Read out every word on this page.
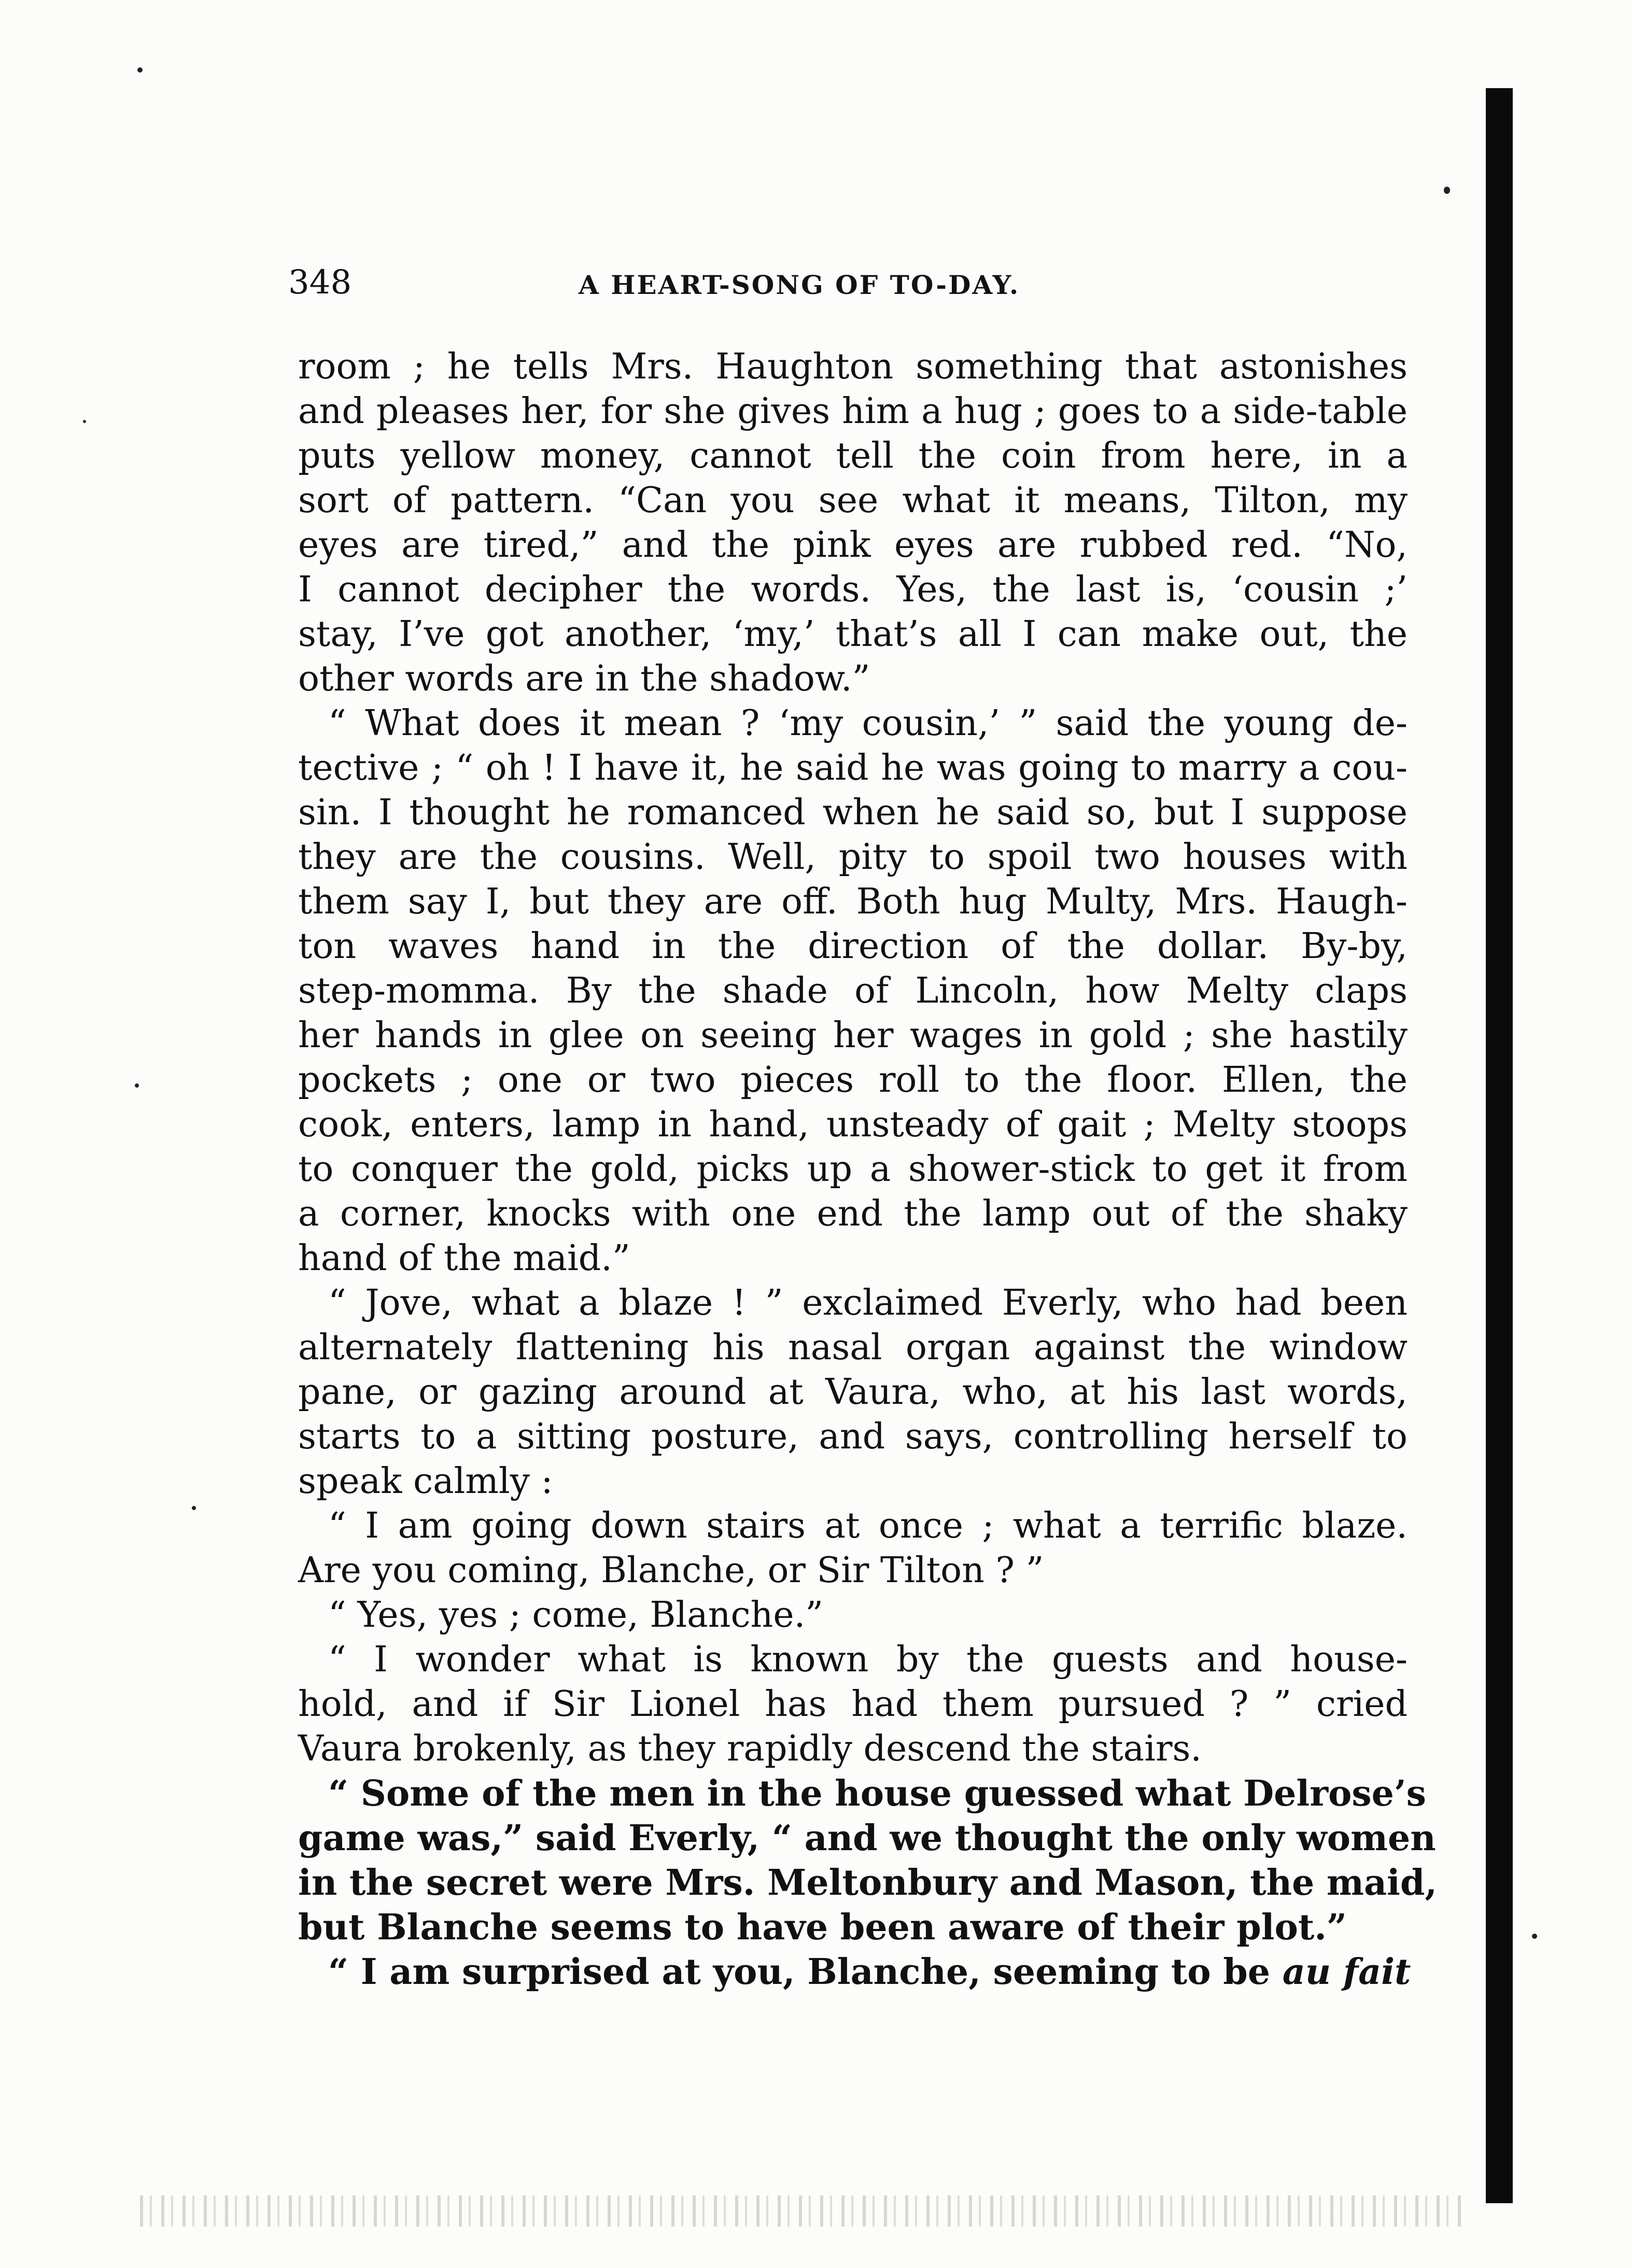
348	A HEART-SONG OF TO-DAY.
room ; he tells Mrs. Haughton something that astonishes
and pleases her, for she gives him a hug ; goes to a side-table
puts yellow money, cannot tell the coin from here, in a
sort of pattern. “Can you see what it means, Tilton, my
eyes are tired,” and the pink eyes are rubbed red. “No,
I cannot decipher the words. Yes, the last is, ‘cousin ;’
stay, I’ve got another, ‘my,’ that’s all I can make out, the
other words are in the shadow.”
“ What does it mean ? ‘my cousin,’ ” said the young de-
tective ; “ oh ! I have it, he said he was going to marry a cou-
sin. I thought he romanced when he said so, but I suppose
they are the cousins. Well, pity to spoil two houses with
them say I, but they are off. Both hug Multy, Mrs. Haugh-
ton waves hand in the direction of the dollar. By-by,
step-momma. By the shade of Lincoln, how Melty claps
her hands in glee on seeing her wages in gold ; she hastily
pockets ; one or two pieces roll to the floor. Ellen, the
cook, enters, lamp in hand, unsteady of gait ; Melty stoops
to conquer the gold, picks up a shower-stick to get it from
a corner, knocks with one end the lamp out of the shaky
hand of the maid.”
“ Jove, what a blaze ! ” exclaimed Everly, who had been
alternately flattening his nasal organ against the window
pane, or gazing around at Vaura, who, at his last words,
starts to a sitting posture, and says, controlling herself to
speak calmly :
“ I am going down stairs at once ; what a terrific blaze.
Are you coming, Blanche, or Sir Tilton ? ”
“ Yes, yes ; come, Blanche.”
“ I wonder what is known by the guests and house-
hold, and if Sir Lionel has had them pursued ? ” cried
Vaura brokenly, as they rapidly descend the stairs.
“ Some of the men in the house guessed what Delrose’s
game was,” said Everly, “ and we thought the only women
in the secret were Mrs. Meltonbury and Mason, the maid,
but Blanche seems to have been aware of their plot.”
“ I am surprised at you, Blanche, seeming to be au fait
